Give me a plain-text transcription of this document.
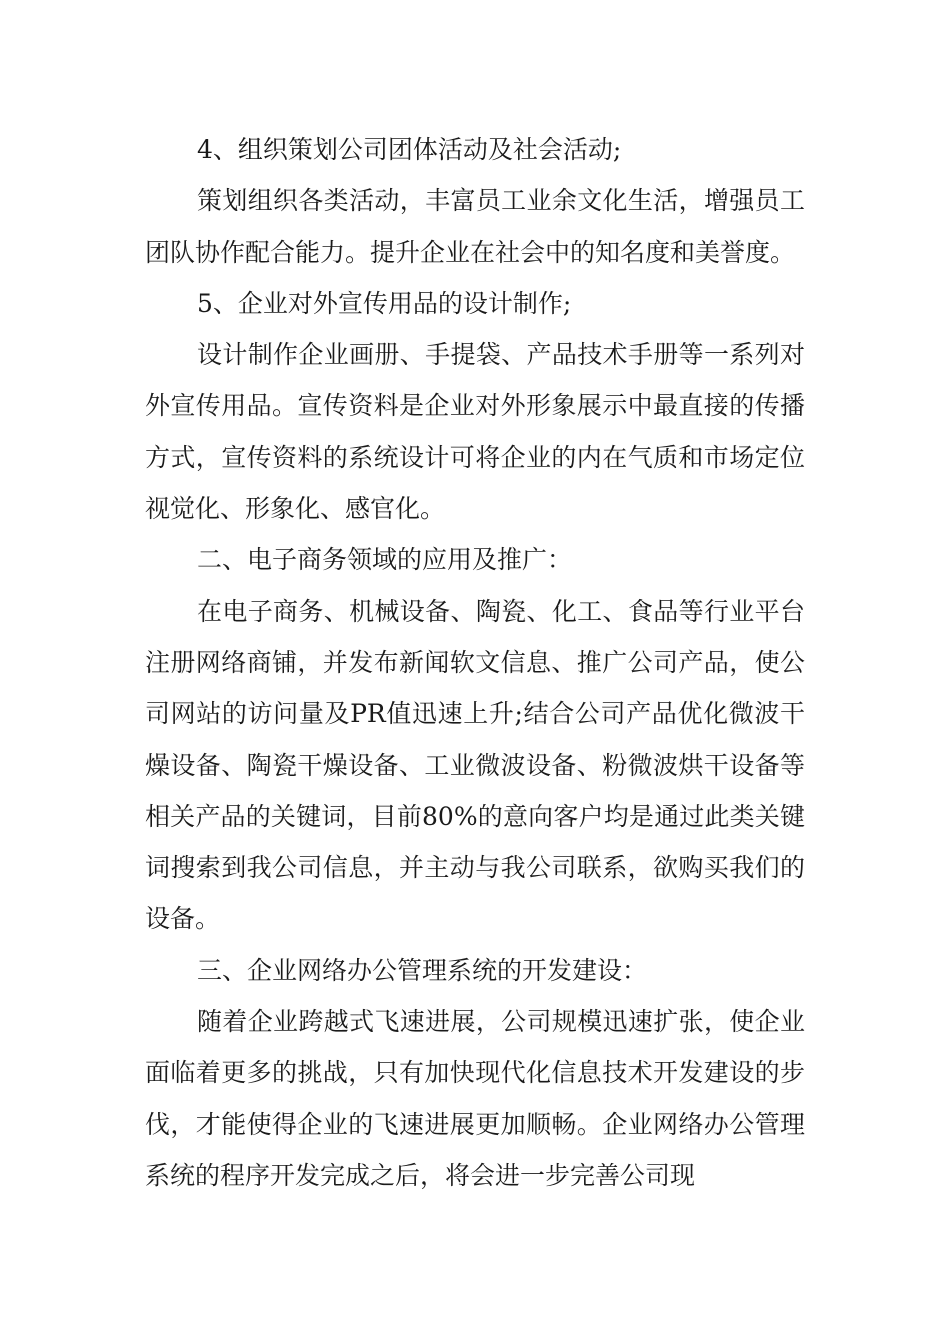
4、组织策划公司团体活动及社会活动;

策划组织各类活动，丰富员工业余文化生活，增强员工团队协作配合能力。提升企业在社会中的知名度和美誉度。

5、企业对外宣传用品的设计制作;

设计制作企业画册、手提袋、产品技术手册等一系列对外宣传用品。宣传资料是企业对外形象展示中最直接的传播方式，宣传资料的系统设计可将企业的内在气质和市场定位视觉化、形象化、感官化。

二、电子商务领域的应用及推广：

在电子商务、机械设备、陶瓷、化工、食品等行业平台注册网络商铺，并发布新闻软文信息、推广公司产品，使公司网站的访问量及PR值迅速上升;结合公司产品优化微波干燥设备、陶瓷干燥设备、工业微波设备、粉微波烘干设备等相关产品的关键词，目前80%的意向客户均是通过此类关键词搜索到我公司信息，并主动与我公司联系，欲购买我们的设备。

三、企业网络办公管理系统的开发建设：

随着企业跨越式飞速进展，公司规模迅速扩张，使企业面临着更多的挑战，只有加快现代化信息技术开发建设的步伐，才能使得企业的飞速进展更加顺畅。企业网络办公管理系统的程序开发完成之后，将会进一步完善公司现
